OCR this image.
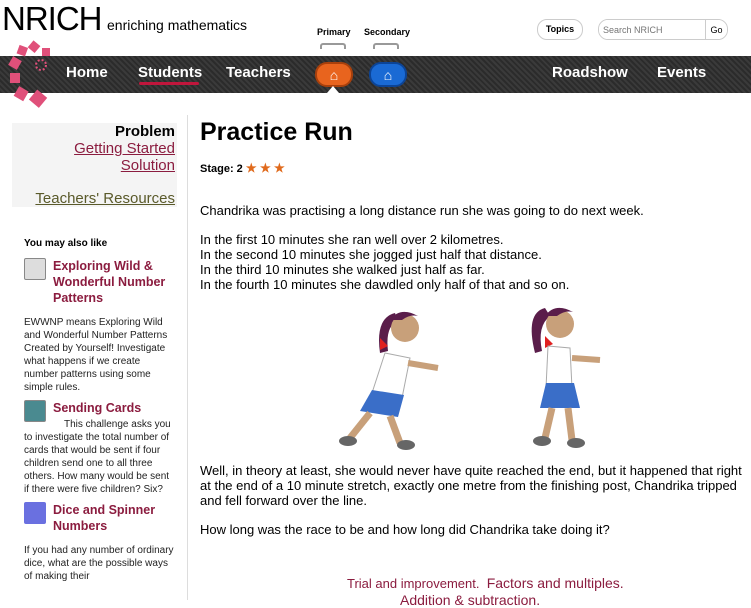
NRICH enriching mathematics	Primary Secondary	Topics
Search NRICH	Go
Home Students Teachers	Roadshow Events
⌂	⌂
Problem
Getting Started
Solution
Teachers' Resources
You may also like
Exploring Wild & Wonderful Number Patterns
EWWNP means Exploring Wild and Wonderful Number Patterns Created by Yourself! Investigate what happens if we create number patterns using some simple rules.
Sending Cards
This challenge asks you to investigate the total number of cards that would be sent if four children send one to all three others. How many would be sent if there were five children? Six?
Dice and Spinner Numbers
If you had any number of ordinary dice, what are the possible ways of making their
Practice Run
Stage: 2 ★ ★ ★

Chandrika was practising a long distance run she was going to do next week.

In the first 10 minutes she ran well over 2 kilometres.
In the second 10 minutes she jogged just half that distance.
In the third 10 minutes she walked just half as far.
In the fourth 10 minutes she dawdled only half of that and so on.

Well, in theory at least, she would never have quite reached the end, but it happened that right at the end of a 10 minute stretch, exactly one metre from the finishing post, Chandrika tripped and fell forward over the line.

How long was the race to be and how long did Chandrika take doing it?

Trial and improvement. Factors and multiples.
Addition & subtraction.
